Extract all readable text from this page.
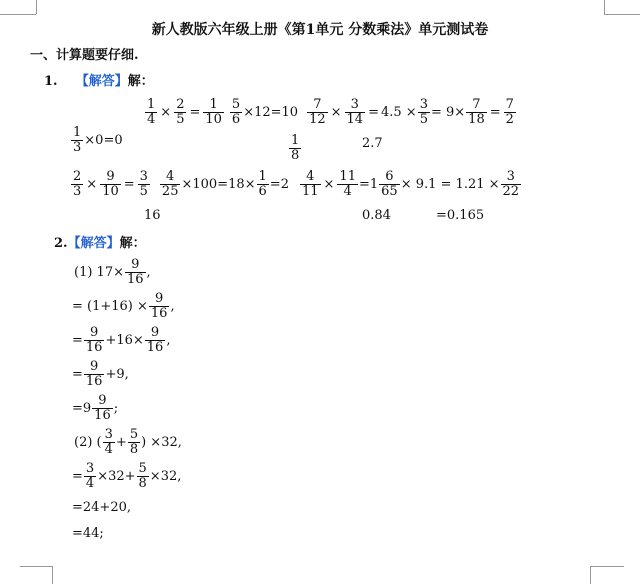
新人教版六年级上册《第1单元 分数乘法》单元测试卷
一、计算题要仔细.
1. 【解答】解：
$\frac{1}{4} \times \frac{2}{5} = \frac{1}{10} \frac{5}{6} \times 12=10 \frac{7}{12} \times \frac{3}{14} = 4.5 \times \frac{3}{5} = 9\times \frac{7}{18} = \frac{7}{2}$
$\frac{1}{3} \times 0=0$	$\frac{1}{8}$	2.7
$\frac{2}{3} \times \frac{9}{10} = \frac{3}{5} \frac{4}{25} \times 100=18\times \frac{1}{6} =2 \frac{4}{11} \times \frac{11}{4} =1 \frac{6}{65} \times 9.1 = 1.21 \times \frac{3}{22}$
16	0.84	=0.165
2.【解答】解：
(1) $17\times \frac{9}{16}$ ,
= $(1+16) \times \frac{9}{16}$ ,
= $\frac{9}{16} +16\times \frac{9}{16}$ ,
= $\frac{9}{16} +9$,
$=9 \frac{9}{16}$ ;
(2) ( $\frac{3}{4} + \frac{5}{8}$ ) ×32,
= $\frac{3}{4} \times 32+ \frac{5}{8} \times 32$,
=24+20,
=44;
